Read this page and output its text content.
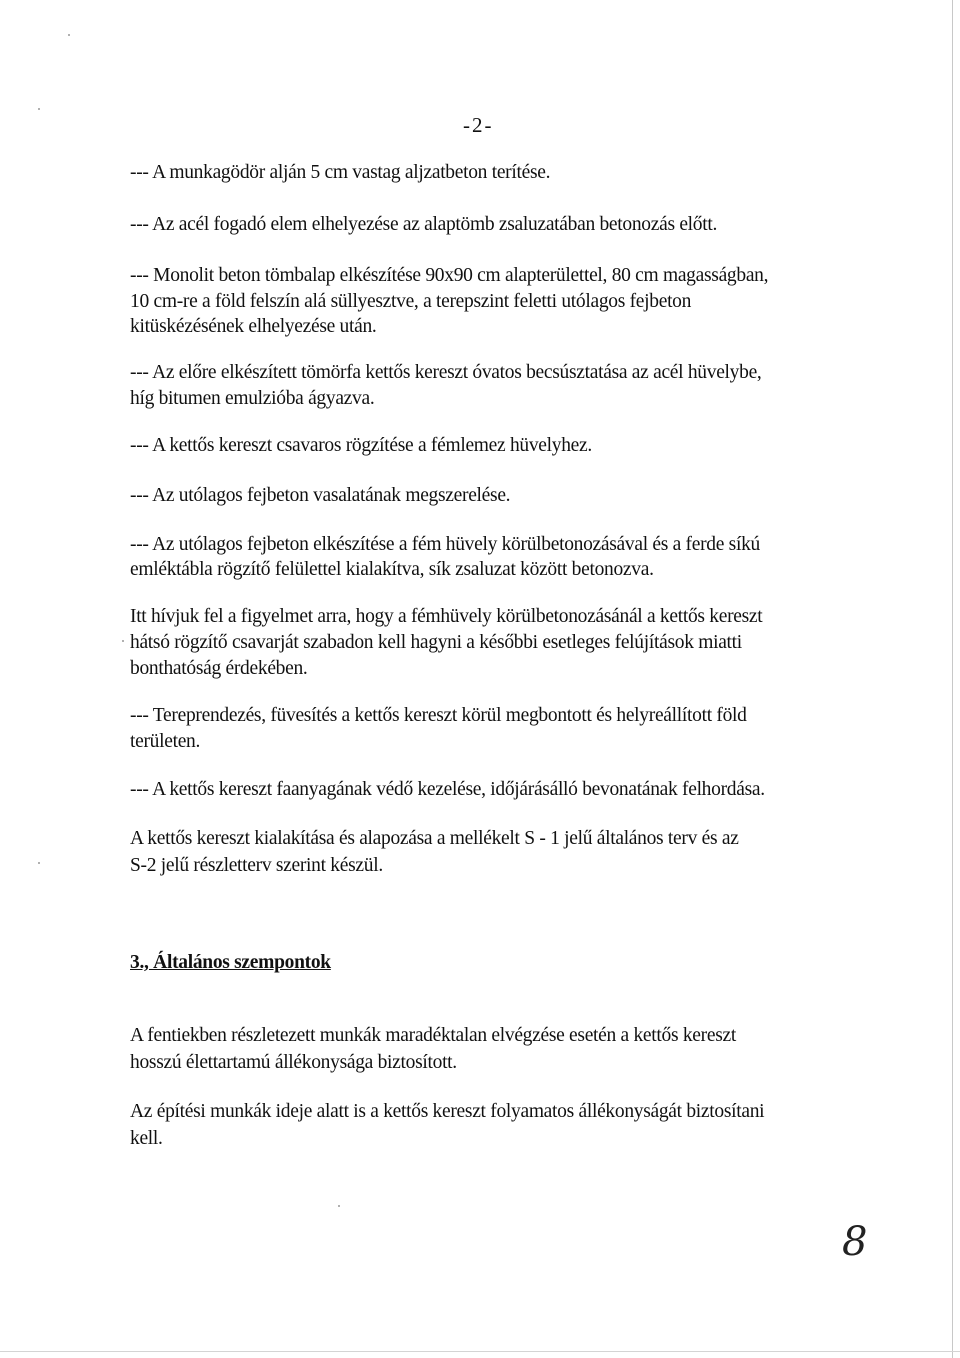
-2-

--- A munkagödör alján 5 cm vastag aljzatbeton terítése.

--- Az acél fogadó elem elhelyezése az alaptömb zsaluzatában betonozás előtt.

--- Monolit beton tömbalap elkészítése 90x90 cm alapterülettel, 80 cm magasságban,

10 cm-re a föld felszín alá süllyesztve, a terepszint feletti utólagos fejbeton

kitüskézésének elhelyezése után.

--- Az előre elkészített tömörfa kettős kereszt óvatos becsúsztatása az acél hüvelybe,

híg bitumen emulzióba ágyazva.

--- A kettős kereszt csavaros rögzítése a fémlemez hüvelyhez.

--- Az utólagos fejbeton vasalatának megszerelése.

--- Az utólagos fejbeton elkészítése a fém hüvely körülbetonozásával és a ferde síkú

emléktábla rögzítő felülettel kialakítva, sík zsaluzat között betonozva.

Itt hívjuk fel a figyelmet arra, hogy a fémhüvely körülbetonozásánál a kettős kereszt

hátsó rögzítő csavarját szabadon kell hagyni a későbbi esetleges felújítások miatti

bonthatóság érdekében.

--- Tereprendezés, füvesítés a kettős kereszt körül megbontott és helyreállított föld

területen.

--- A kettős kereszt faanyagának védő kezelése, időjárásálló bevonatának felhordása.

A kettős kereszt kialakítása és alapozása a mellékelt S - 1 jelű általános terv és az

S-2 jelű részletterv szerint készül.

3., Általános szempontok

A fentiekben részletezett munkák maradéktalan elvégzése esetén a kettős kereszt

hosszú élettartamú állékonysága biztosított.

Az építési munkák ideje alatt is a kettős kereszt folyamatos állékonyságát biztosítani

kell.

8
